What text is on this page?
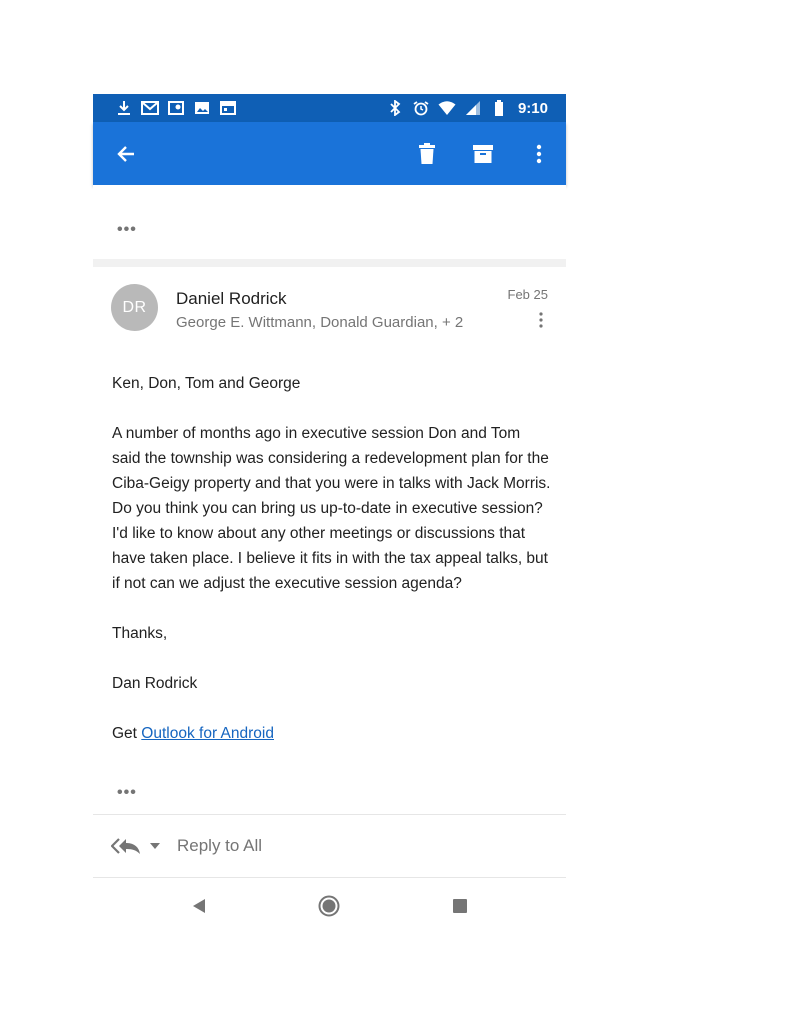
9:10
•••
DR	Daniel Rodrick
George E. Wittmann, Donald Guardian, + 2
Feb 25

Ken, Don, Tom and George

A number of months ago in executive session Don and Tom said the township was considering a redevelopment plan for the Ciba-Geigy property and that you were in talks with Jack Morris. Do you think you can bring us up-to-date in executive session? I'd like to know about any other meetings or discussions that have taken place. I believe it fits in with the tax appeal talks, but if not can we adjust the executive session agenda?

Thanks,

Dan Rodrick

Get Outlook for Android

•••
Reply to All
